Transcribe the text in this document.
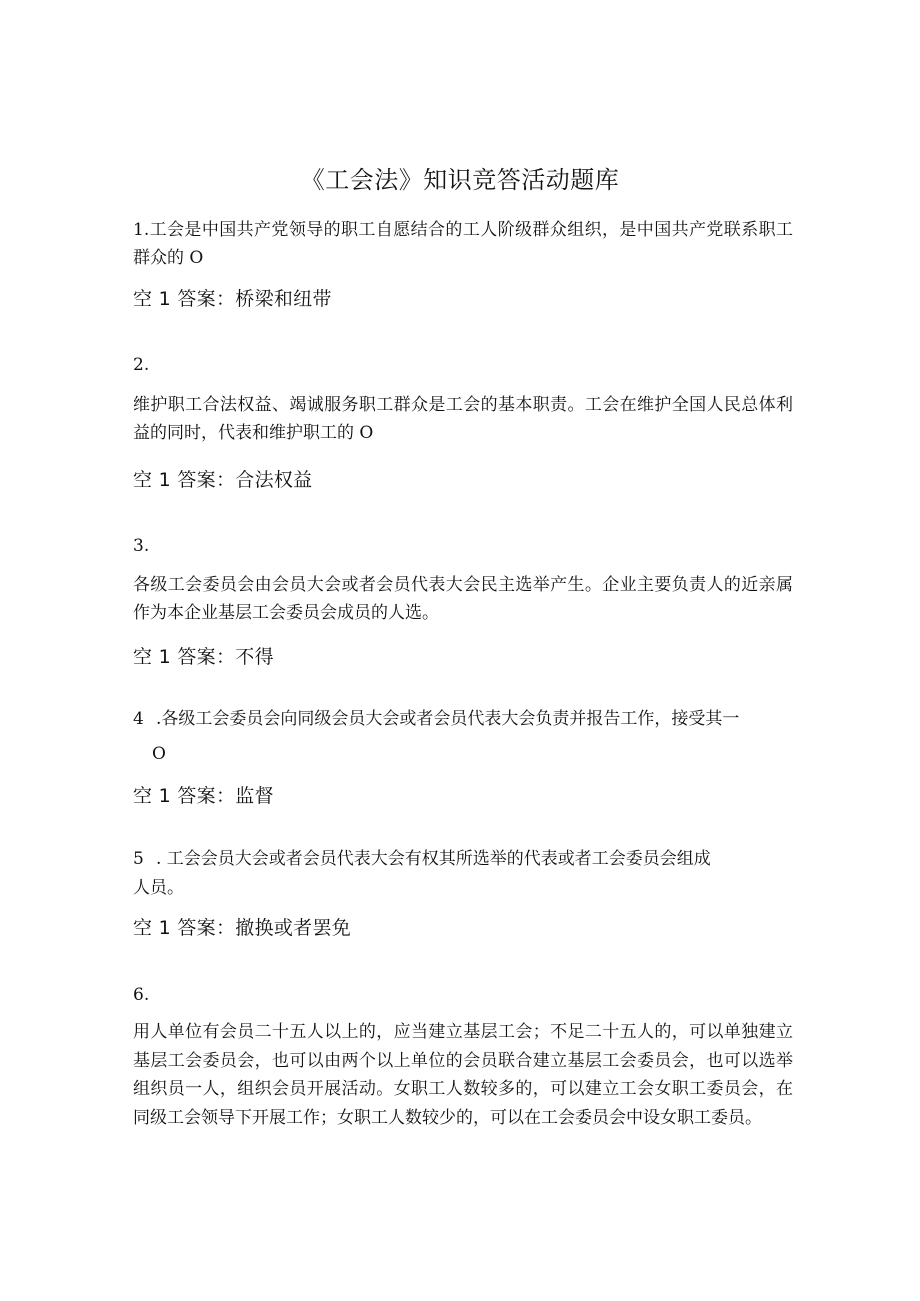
《工会法》知识竞答活动题库
1.工会是中国共产党领导的职工自愿结合的工人阶级群众组织，是中国共产党联系职工群众的 O
空 1 答案：桥梁和纽带
2.
维护职工合法权益、竭诚服务职工群众是工会的基本职责。工会在维护全国人民总体利益的同时，代表和维护职工的 O
空 1 答案：合法权益
3.
各级工会委员会由会员大会或者会员代表大会民主选举产生。企业主要负责人的近亲属作为本企业基层工会委员会成员的人选。
空 1 答案：不得
4 .各级工会委员会向同级会员大会或者会员代表大会负责并报告工作，接受其一
O
空 1 答案：监督
5 . 工会会员大会或者会员代表大会有权其所选举的代表或者工会委员会组成
人员。
空 1 答案：撤换或者罢免
6.
用人单位有会员二十五人以上的，应当建立基层工会；不足二十五人的，可以单独建立基层工会委员会，也可以由两个以上单位的会员联合建立基层工会委员会，也可以选举组织员一人，组织会员开展活动。女职工人数较多的，可以建立工会女职工委员会，在同级工会领导下开展工作；女职工人数较少的，可以在工会委员会中设女职工委员。
